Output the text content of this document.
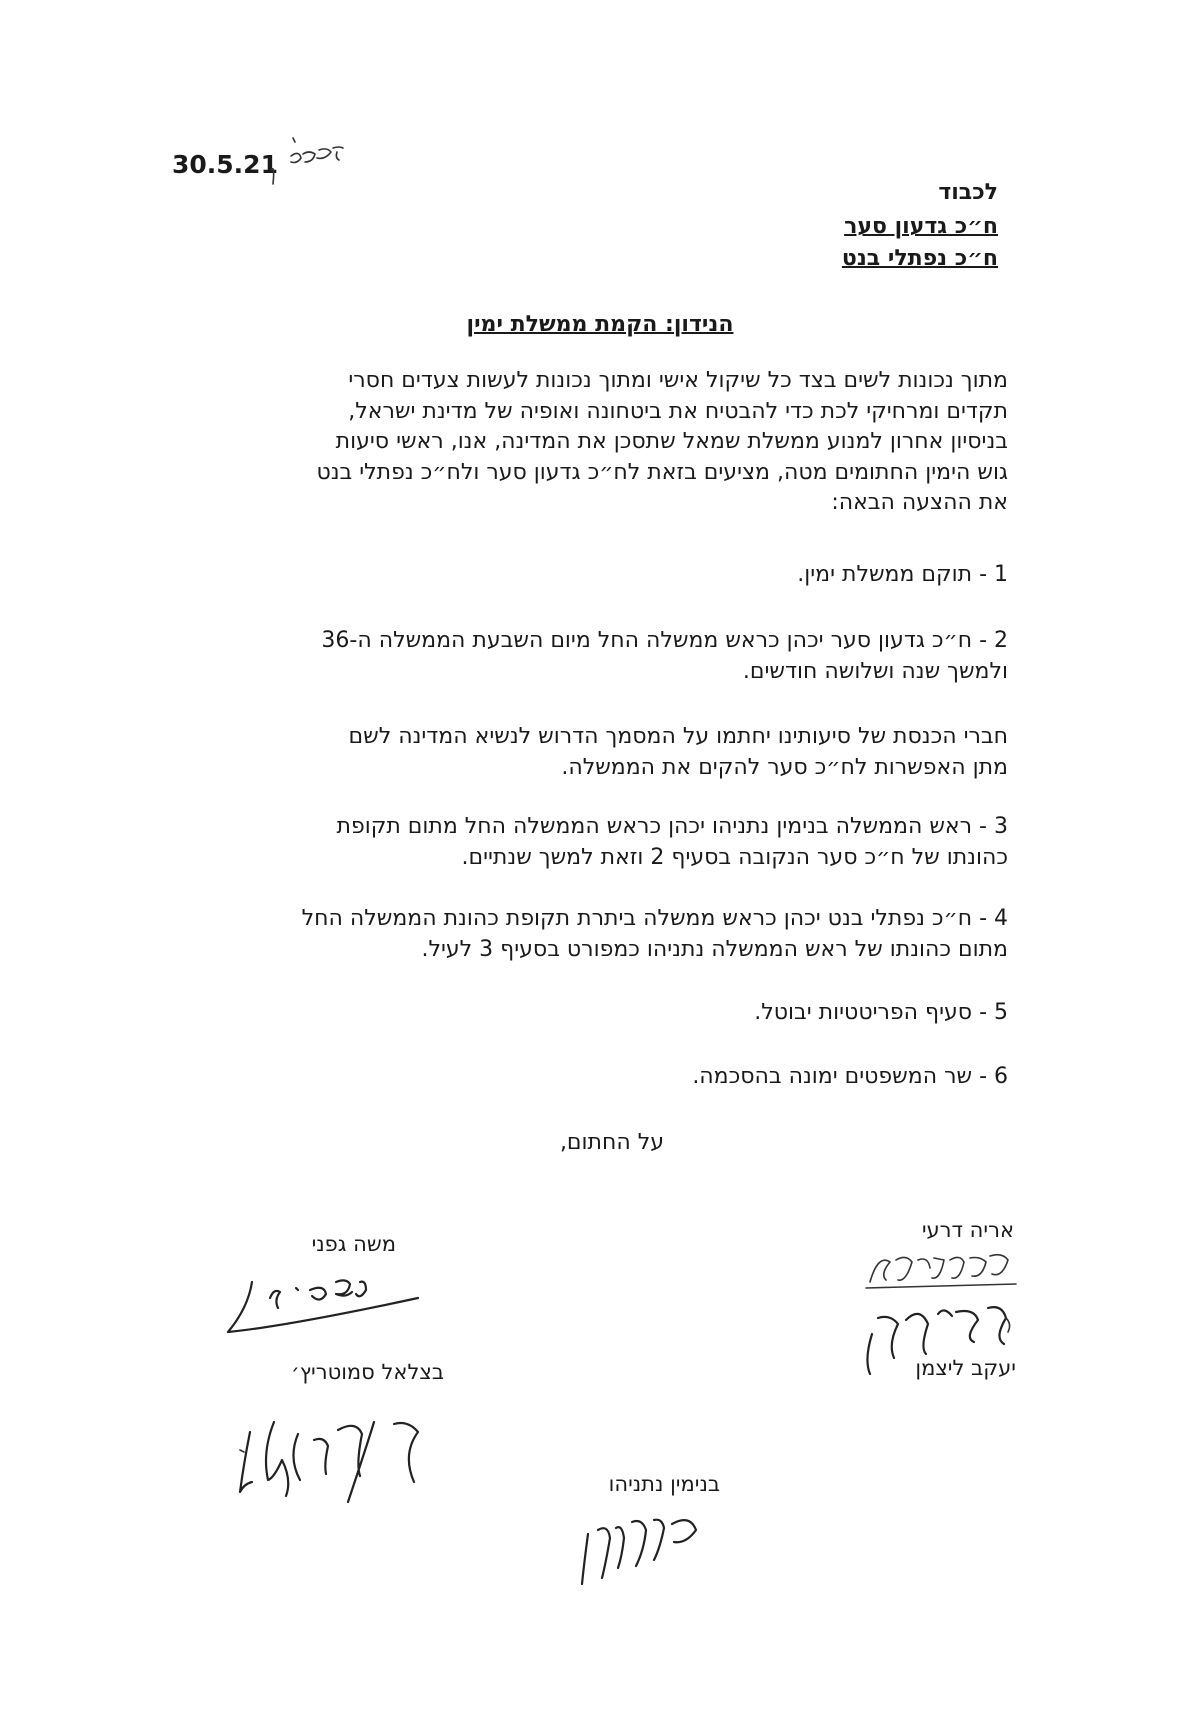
30.5.21
לכבוד
ח״כ גדעון סער
ח״כ נפתלי בנט
הנידון: הקמת ממשלת ימין
מתוך נכונות לשים בצד כל שיקול אישי ומתוך נכונות לעשות צעדים חסרי
תקדים ומרחיקי לכת כדי להבטיח את ביטחונה ואופיה של מדינת ישראל,
בניסיון אחרון למנוע ממשלת שמאל שתסכן את המדינה, אנו, ראשי סיעות
גוש הימין החתומים מטה, מציעים בזאת לח״כ גדעון סער ולח״כ נפתלי בנט
את ההצעה הבאה:
1 - תוקם ממשלת ימין.
2 - ח״כ גדעון סער יכהן כראש ממשלה החל מיום השבעת הממשלה ה-36
ולמשך שנה ושלושה חודשים.
חברי הכנסת של סיעותינו יחתמו על המסמך הדרוש לנשיא המדינה לשם
מתן האפשרות לח״כ סער להקים את הממשלה.
3 - ראש הממשלה בנימין נתניהו יכהן כראש הממשלה החל מתום תקופת
כהונתו של ח״כ סער הנקובה בסעיף 2 וזאת למשך שנתיים.
4 - ח״כ נפתלי בנט יכהן כראש ממשלה ביתרת תקופת כהונת הממשלה החל
מתום כהונתו של ראש הממשלה נתניהו כמפורט בסעיף 3 לעיל.
5 - סעיף הפריטטיות יבוטל.
6 - שר המשפטים ימונה בהסכמה.
על החתום,
משה גפני
אריה דרעי
יעקב ליצמן
בצלאל סמוטריץ׳
בנימין נתניהו
